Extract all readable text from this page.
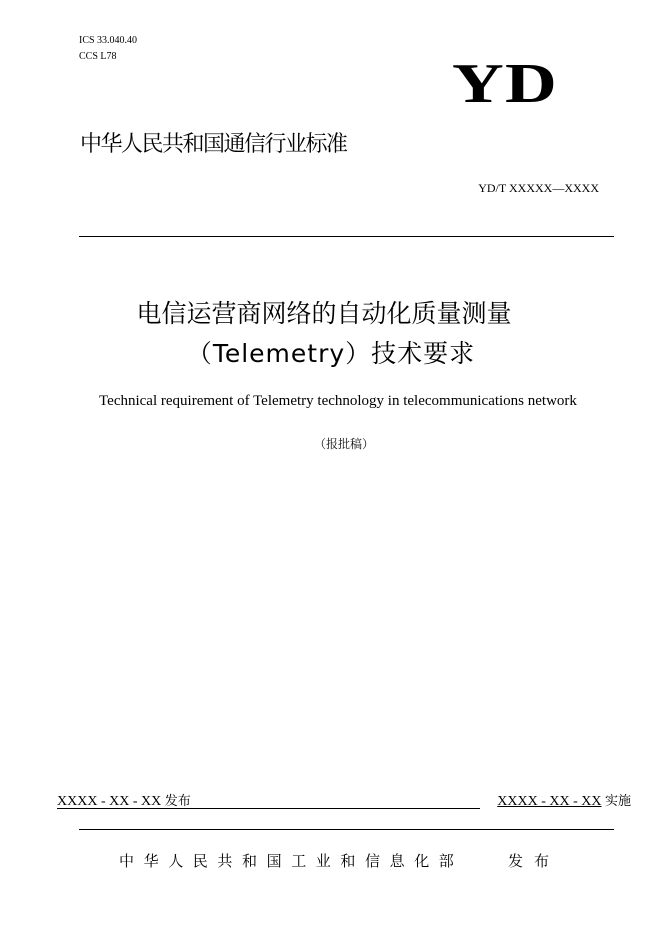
ICS 33.040.40
CCS L78	YD
中华人民共和国通信行业标准
YD/T XXXXX—XXXX
电信运营商网络的自动化质量测量
（Telemetry）技术要求
Technical requirement of Telemetry technology in telecommunications network
（报批稿）
XXXX - XX - XX 发布	XXXX - XX - XX 实施
中华人民共和国工业和信息化部	发布
